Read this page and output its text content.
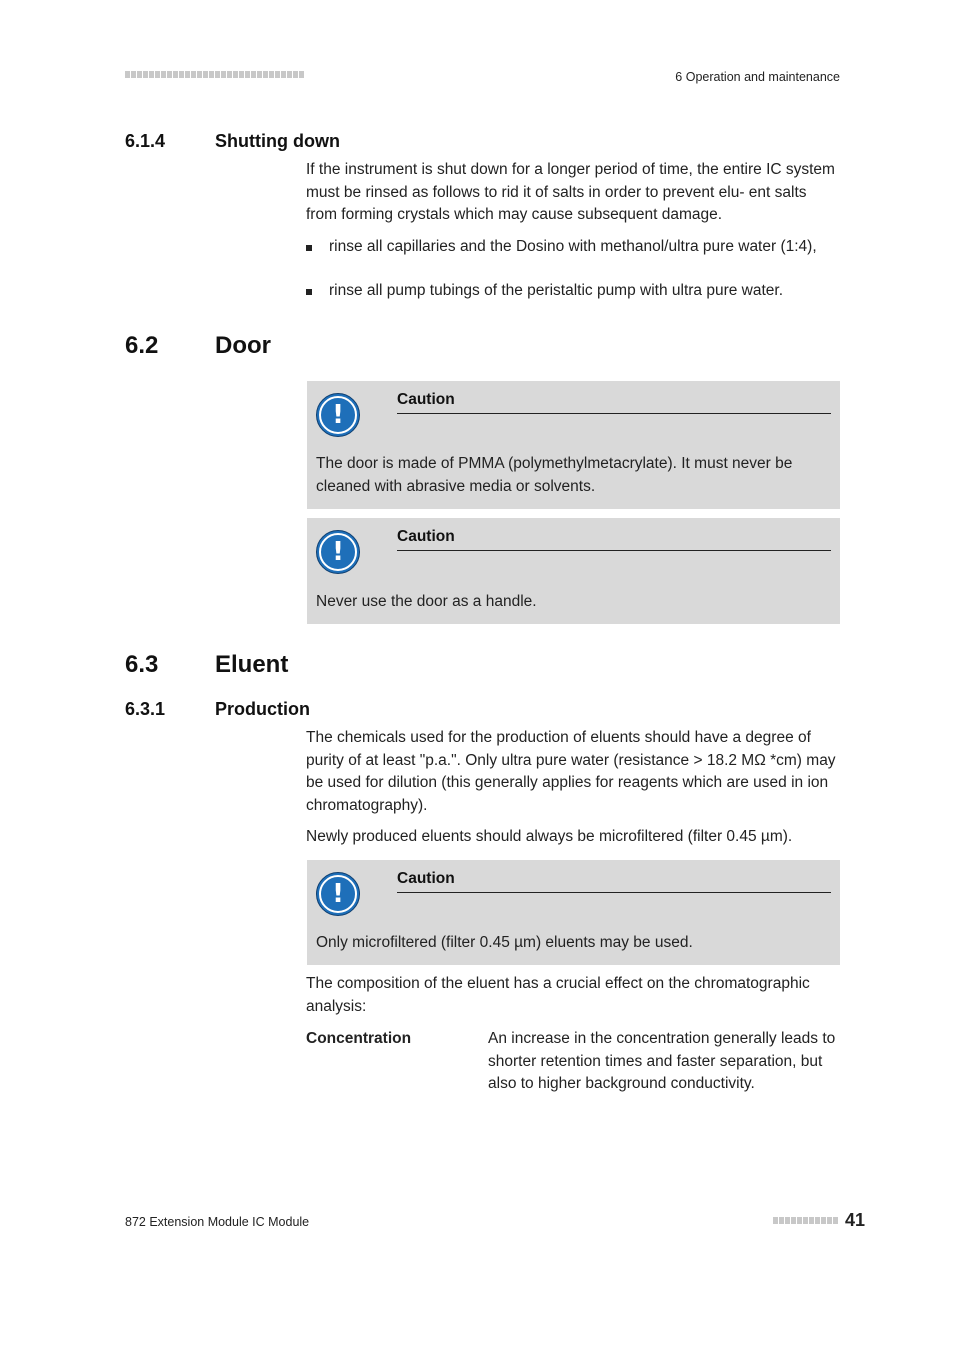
6 Operation and maintenance
6.1.4	Shutting down
If the instrument is shut down for a longer period of time, the entire IC system must be rinsed as follows to rid it of salts in order to prevent elu- ent salts from forming crystals which may cause subsequent damage.
rinse all capillaries and the Dosino with methanol/ultra pure water (1:4),
rinse all pump tubings of the peristaltic pump with ultra pure water.
6.2 Door
!
Caution
The door is made of PMMA (polymethylmetacrylate). It must never be cleaned with abrasive media or solvents.
!
Caution
Never use the door as a handle.
6.3 Eluent
6.3.1	Production
The chemicals used for the production of eluents should have a degree of purity of at least "p.a.". Only ultra pure water (resistance > 18.2 MΩ *cm) may be used for dilution (this generally applies for reagents which are used in ion chromatography).
Newly produced eluents should always be microfiltered (filter 0.45 µm).
!
Caution
Only microfiltered (filter 0.45 µm) eluents may be used.
The composition of the eluent has a crucial effect on the chromatographic analysis:
Concentration	An increase in the concentration generally leads to shorter retention times and faster separation, but also to higher background conductivity.
872 Extension Module IC Module	41
